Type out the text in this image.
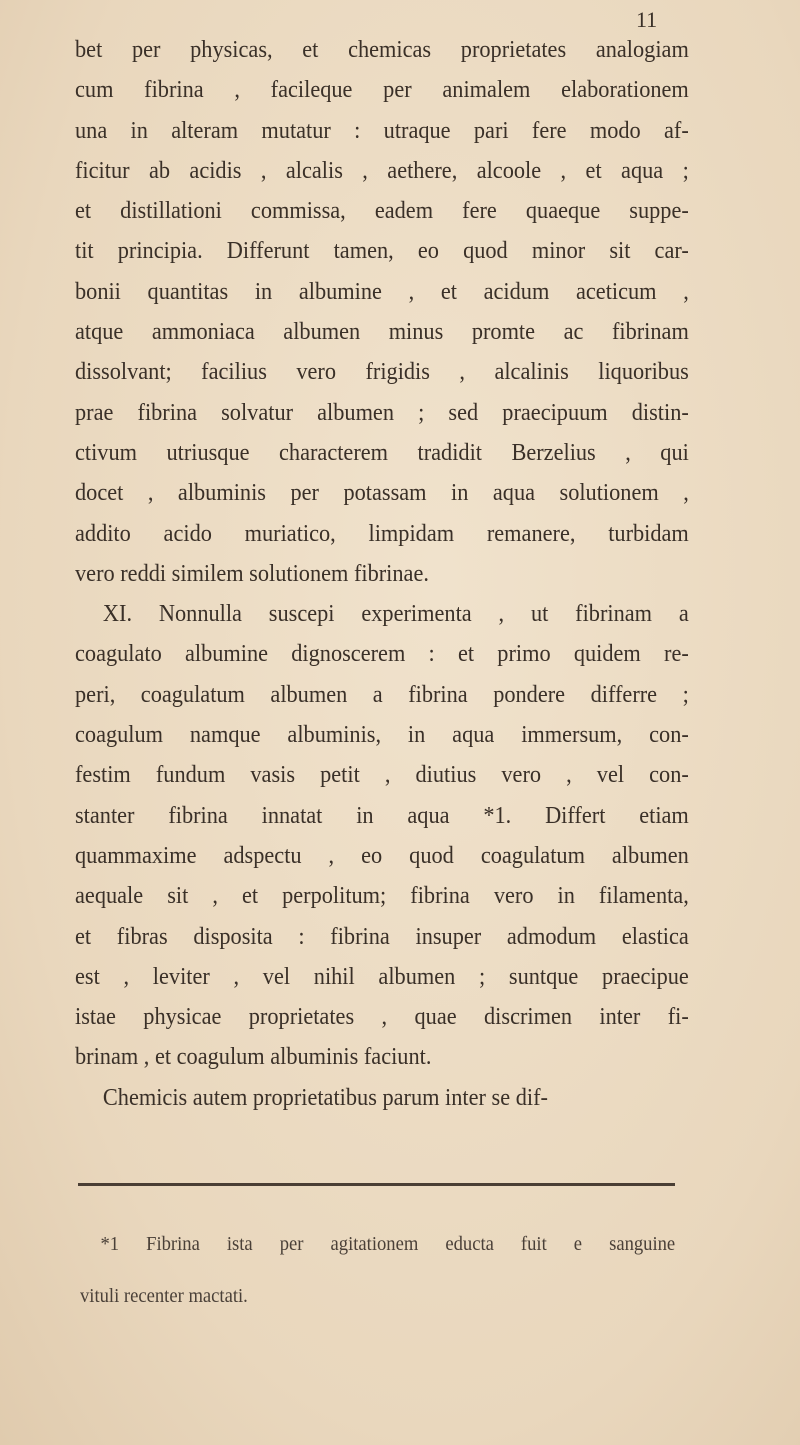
11
bet per physicas, et chemicas proprietates analogiam
cum fibrina , facileque per animalem elaborationem
una in alteram mutatur : utraque pari fere modo af-
ficitur ab acidis , alcalis , aethere, alcoole , et aqua ;
et distillationi commissa, eadem fere quaeque suppe-
tit principia. Differunt tamen, eo quod minor sit car-
bonii quantitas in albumine , et acidum aceticum ,
atque ammoniaca albumen minus promte ac fibrinam
dissolvant; facilius vero frigidis , alcalinis liquoribus
prae fibrina solvatur albumen ; sed praecipuum distin-
ctivum utriusque characterem tradidit Berzelius , qui
docet , albuminis per potassam in aqua solutionem ,
addito acido muriatico, limpidam remanere, turbidam
vero reddi similem solutionem fibrinae.
XI. Nonnulla suscepi experimenta , ut fibrinam a
coagulato albumine dignoscerem : et primo quidem re-
peri, coagulatum albumen a fibrina pondere differre ;
coagulum namque albuminis, in aqua immersum, con-
festim fundum vasis petit , diutius vero , vel con-
stanter fibrina innatat in aqua *1. Differt etiam
quammaxime adspectu , eo quod coagulatum albumen
aequale sit , et perpolitum; fibrina vero in filamenta,
et fibras disposita : fibrina insuper admodum elastica
est , leviter , vel nihil albumen ; suntque praecipue
istae physicae proprietates , quae discrimen inter fi-
brinam , et coagulum albuminis faciunt.
Chemicis autem proprietatibus parum inter se dif-
*1 Fibrina ista per agitationem educta fuit e sanguine
vituli recenter mactati.
